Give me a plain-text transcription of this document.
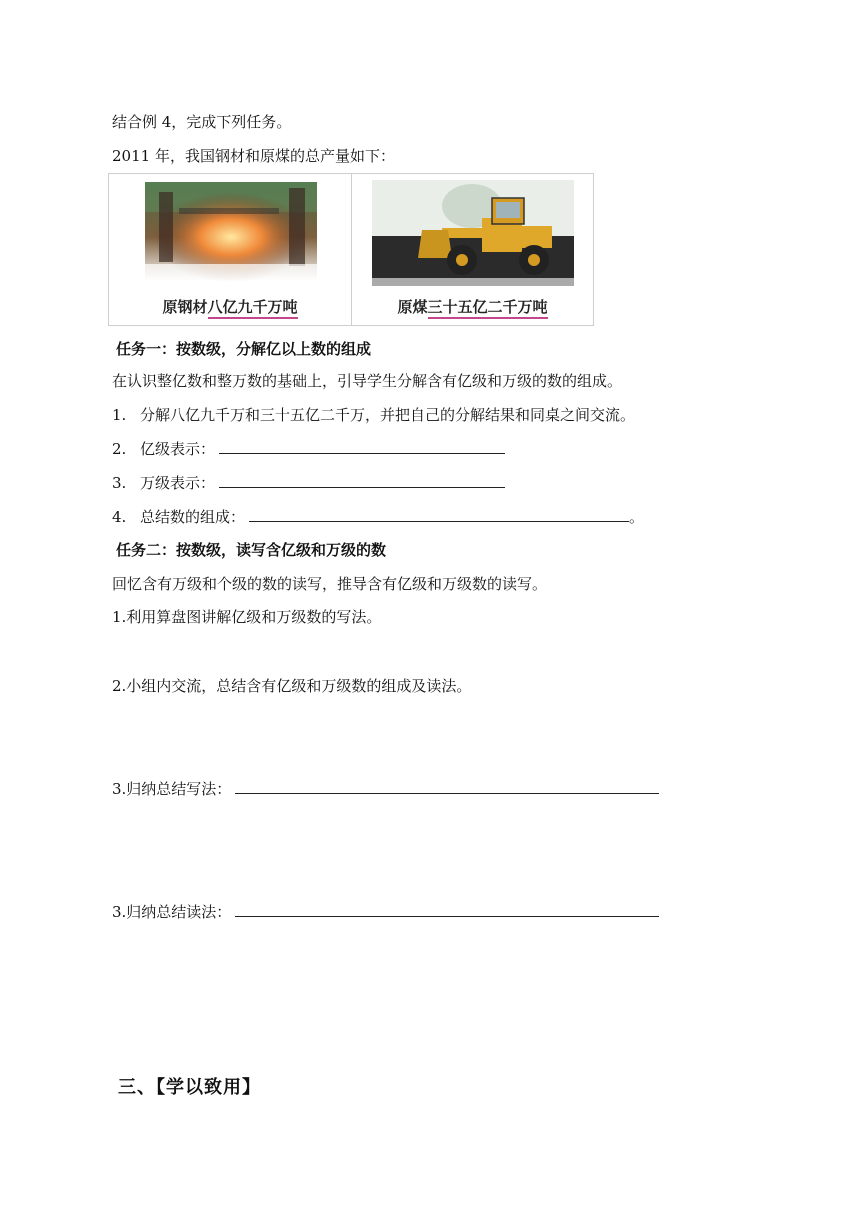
结合例 4，完成下列任务。
2011 年，我国钢材和原煤的总产量如下：
原钢材八亿九千万吨	原煤三十五亿二千万吨
任务一：按数级，分解亿以上数的组成
在认识整亿数和整万数的基础上，引导学生分解含有亿级和万级的数的组成。
1. 分解八亿九千万和三十五亿二千万，并把自己的分解结果和同桌之间交流。
2. 亿级表示：
3. 万级表示：
4. 总结数的组成：	。
任务二：按数级，读写含亿级和万级的数
回忆含有万级和个级的数的读写，推导含有亿级和万级数的读写。
1.利用算盘图讲解亿级和万级数的写法。
2.小组内交流，总结含有亿级和万级数的组成及读法。
3.归纳总结写法：
3.归纳总结读法：
三、【学以致用】
